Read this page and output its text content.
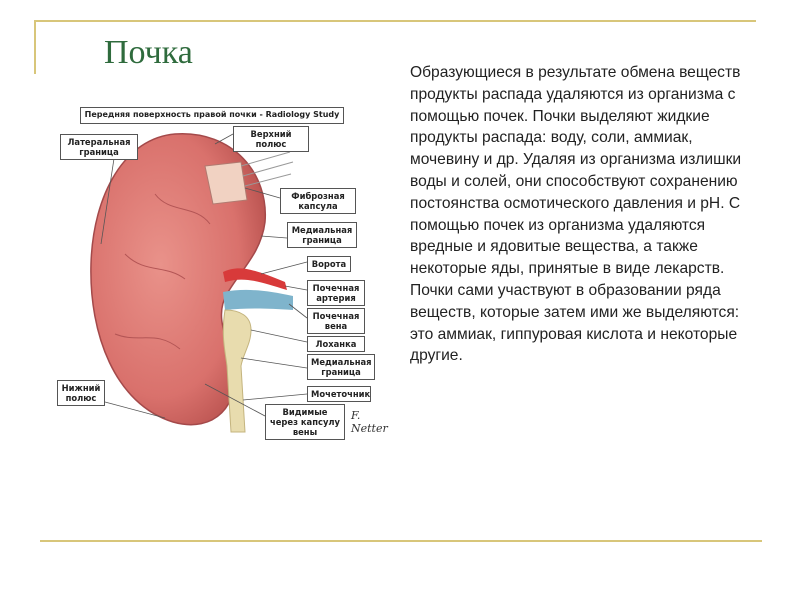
Почка

Образующиеся в результате обмена веществ продукты распада удаляются из организма с помощью почек. Почки выделяют жидкие продукты распада: воду, соли, аммиак, мочевину и др. Удаляя из организма излишки воды и солей, они способствуют сохранению постоянства осмотического давления и pH. С помощью почек из организма удаляются вредные и ядовитые вещества, а также некоторые яды, принятые в виде лекарств. Почки сами участвуют в образовании ряда веществ, которые затем ими же выделяются: это аммиак, гиппуровая кислота и некоторые другие.

Передняя поверхность правой почки - Radiology Study
Латеральная граница
Верхний полюс
Фиброзная капсула
Медиальная граница
Ворота
Почечная артерия
Почечная вена
Лоханка
Медиальная граница
Мочеточник
Нижний полюс
Видимые через капсулу вены
F. Netter
